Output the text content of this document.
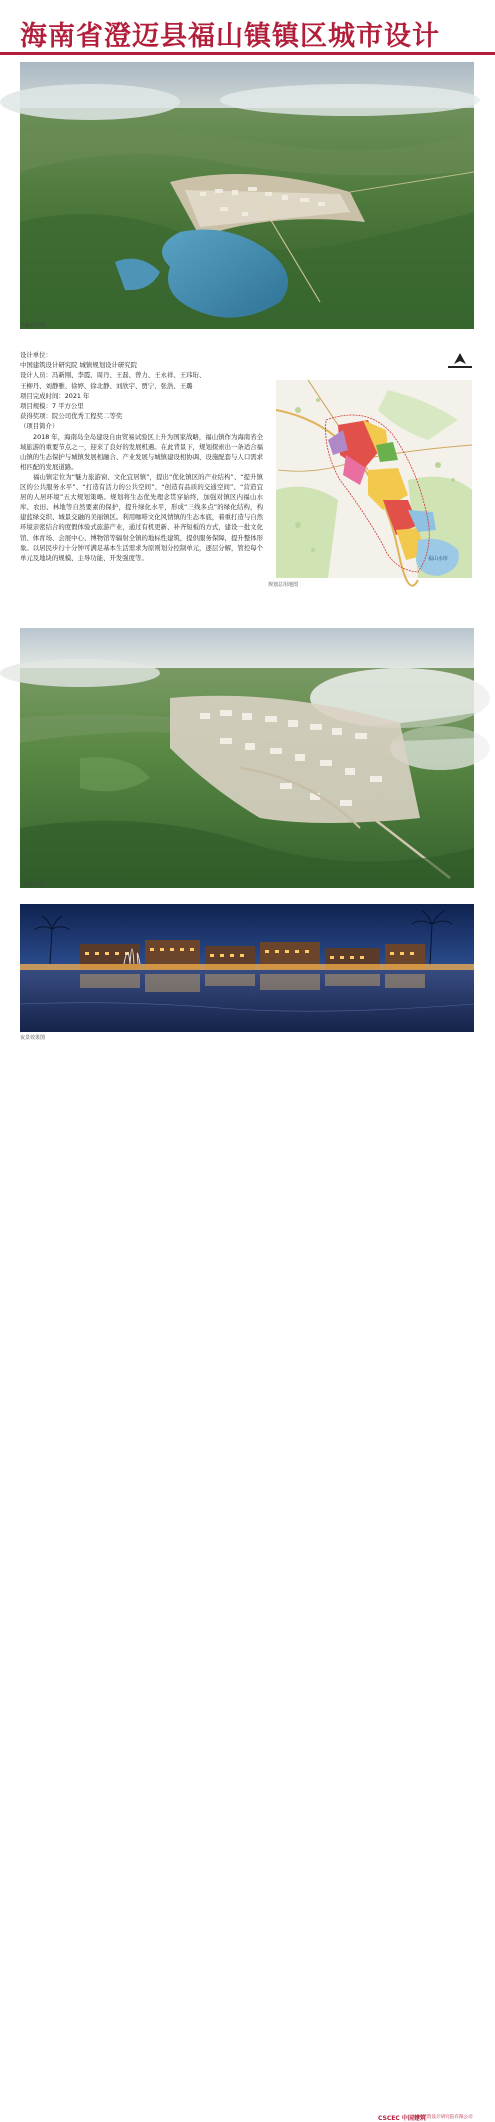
海南省澄迈县福山镇镇区城市设计
鸟瞰效果图
设计单位：
中国建筑设计研究院 城镇规划设计研究院
设计人员：冯新刚、李霞、周丹、王磊、曾力、王永祥、王玮珩、
王柳丹、刘静雅、徐婷、徐北静、刘欣宇、贾宁、张浩、王璐
项目完成时间：2021 年
项目规模：7 平方公里
获得奖项：院公司优秀工程奖二等奖
（项目简介）
2018 年，海南岛全岛建设自由贸易试验区上升为国家战略，福山镇作为海南省全域旅游的重要节点之一，迎来了良好的发展机遇。在此背景下，规划探索出一条适合福山镇的生态保护与城镇发展相融合、产业发展与城镇建设相协调、设施配套与人口需求相匹配的发展道路。
福山镇定位为“魅力旅游窗、文化宜居镇”，提出“优化镇区的产业结构”、“提升镇区的公共服务水平”、“打造有活力的公共空间”、“创造有品质的交通空间”、“营造宜居的人居环境”五大规划策略。规划将生态优先理念贯穿始终，加强对镇区内福山水库、农田、林地等自然要素的保护，提升绿化水平，形成“三线多点”的绿化结构，构建蓝绿交织、城景交融的美丽镇区。利用咖啡文化风情镇的生态本底，着重打造与自然环境亲密结合的度假体验式旅游产业，通过有机更新、补齐短板的方式，建设一批文化馆、体育场、会展中心、博物馆等辐射全镇的地标性建筑，提供服务保障，提升整体形象。以居民步行十分钟可满足基本生活需求为原则划分控制单元，逐层分解，管控每个单元及地块的规模、主导功能、开发强度等。	福山水库
规划总用地图
鸟瞰效果图
夜景效果图
CSCEC 中国建筑
中国建筑设计研究院有限公司
